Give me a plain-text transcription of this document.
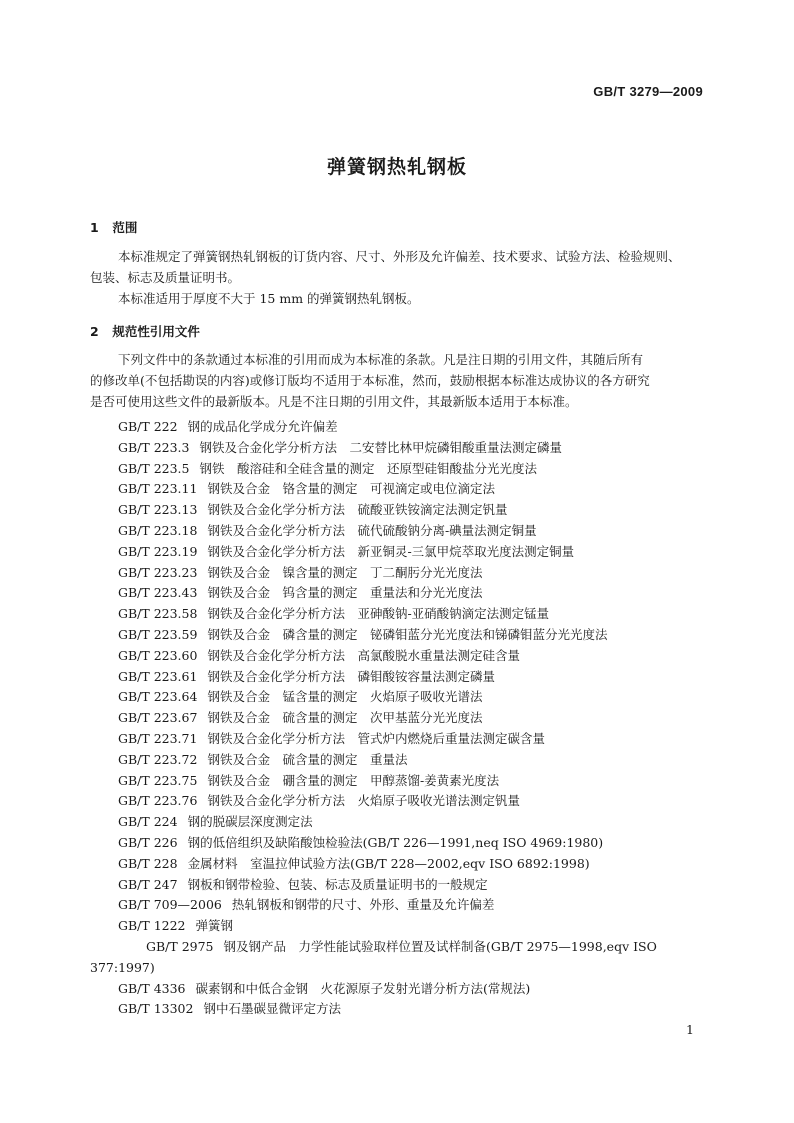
GB/T 3279—2009
弹簧钢热轧钢板
1 范围

本标准规定了弹簧钢热轧钢板的订货内容、尺寸、外形及允许偏差、技术要求、试验方法、检验规则、

包装、标志及质量证明书。

本标准适用于厚度不大于 15 mm 的弹簧钢热轧钢板。

2 规范性引用文件

下列文件中的条款通过本标准的引用而成为本标准的条款。凡是注日期的引用文件，其随后所有

的修改单(不包括勘误的内容)或修订版均不适用于本标准，然而，鼓励根据本标准达成协议的各方研究

是否可使用这些文件的最新版本。凡是不注日期的引用文件，其最新版本适用于本标准。

GB/T 222 钢的成品化学成分允许偏差
GB/T 223.3 钢铁及合金化学分析方法　二安替比林甲烷磷钼酸重量法测定磷量
GB/T 223.5 钢铁　酸溶硅和全硅含量的测定　还原型硅钼酸盐分光光度法
GB/T 223.11 钢铁及合金　铬含量的测定　可视滴定或电位滴定法
GB/T 223.13 钢铁及合金化学分析方法　硫酸亚铁铵滴定法测定钒量
GB/T 223.18 钢铁及合金化学分析方法　硫代硫酸钠分离-碘量法测定铜量
GB/T 223.19 钢铁及合金化学分析方法　新亚铜灵-三氯甲烷萃取光度法测定铜量
GB/T 223.23 钢铁及合金　镍含量的测定　丁二酮肟分光光度法
GB/T 223.43 钢铁及合金　钨含量的测定　重量法和分光光度法
GB/T 223.58 钢铁及合金化学分析方法　亚砷酸钠-亚硝酸钠滴定法测定锰量
GB/T 223.59 钢铁及合金　磷含量的测定　铋磷钼蓝分光光度法和锑磷钼蓝分光光度法
GB/T 223.60 钢铁及合金化学分析方法　高氯酸脱水重量法测定硅含量
GB/T 223.61 钢铁及合金化学分析方法　磷钼酸铵容量法测定磷量
GB/T 223.64 钢铁及合金　锰含量的测定　火焰原子吸收光谱法
GB/T 223.67 钢铁及合金　硫含量的测定　次甲基蓝分光光度法
GB/T 223.71 钢铁及合金化学分析方法　管式炉内燃烧后重量法测定碳含量
GB/T 223.72 钢铁及合金　硫含量的测定　重量法
GB/T 223.75 钢铁及合金　硼含量的测定　甲醇蒸馏-姜黄素光度法
GB/T 223.76 钢铁及合金化学分析方法　火焰原子吸收光谱法测定钒量
GB/T 224 钢的脱碳层深度测定法
GB/T 226 钢的低倍组织及缺陷酸蚀检验法(GB/T 226—1991,neq ISO 4969:1980)
GB/T 228 金属材料　室温拉伸试验方法(GB/T 228—2002,eqv ISO 6892:1998)
GB/T 247 钢板和钢带检验、包装、标志及质量证明书的一般规定
GB/T 709—2006 热轧钢板和钢带的尺寸、外形、重量及允许偏差
GB/T 1222 弹簧钢
GB/T 2975 钢及钢产品　力学性能试验取样位置及试样制备(GB/T 2975—1998,eqv ISO 377:1997)
GB/T 4336 碳素钢和中低合金钢　火花源原子发射光谱分析方法(常规法)
GB/T 13302 钢中石墨碳显微评定方法
1
